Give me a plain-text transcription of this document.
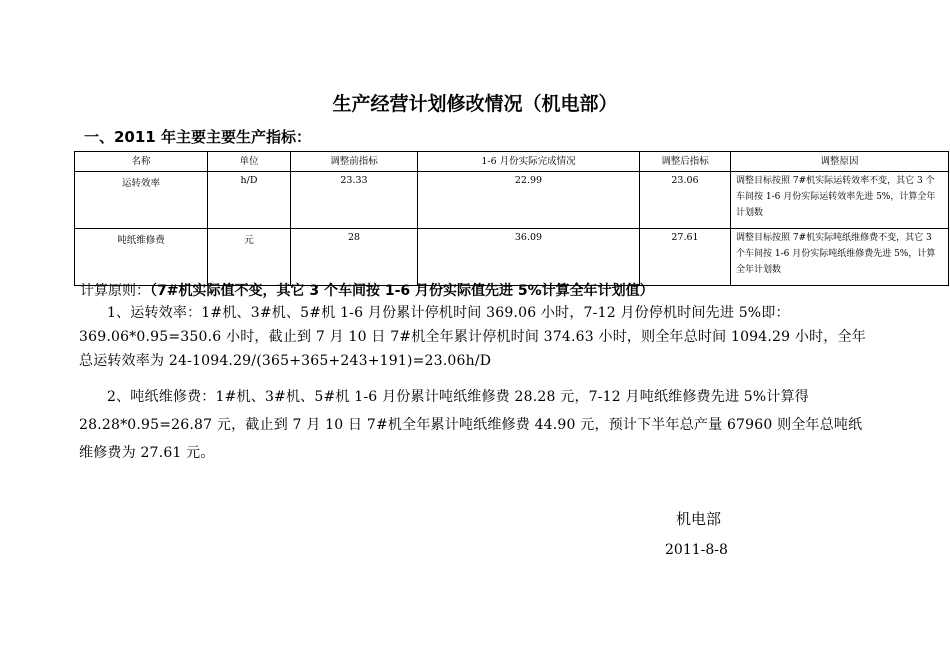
生产经营计划修改情况（机电部）
一、2011 年主要主要生产指标：
名称	单位	调整前指标	1-6 月份实际完成情况	调整后指标	调整原因
运转效率	h/D	23.33	22.99	23.06	调整目标按照 7#机实际运转效率不变，其它 3 个车间按 1-6 月份实际运转效率先进 5%，计算全年计划数
吨纸维修费	元	28	36.09	27.61	调整目标按照 7#机实际吨纸维修费不变，其它 3 个车间按 1-6 月份实际吨纸维修费先进 5%，计算全年计划数
计算原则：（7#机实际值不变，其它 3 个车间按 1-6 月份实际值先进 5%计算全年计划值）
1、运转效率：1#机、3#机、5#机 1-6 月份累计停机时间 369.06 小时，7-12 月份停机时间先进 5%即：369.06*0.95=350.6 小时，截止到 7 月 10 日 7#机全年累计停机时间 374.63 小时，则全年总时间 1094.29 小时，全年总运转效率为 24-1094.29/(365+365+243+191)=23.06h/D
2、吨纸维修费：1#机、3#机、5#机 1-6 月份累计吨纸维修费 28.28 元，7-12 月吨纸维修费先进 5%计算得 28.28*0.95=26.87 元，截止到 7 月 10 日 7#机全年累计吨纸维修费 44.90 元，预计下半年总产量 67960 则全年总吨纸维修费为 27.61 元。
机电部
2011-8-8
